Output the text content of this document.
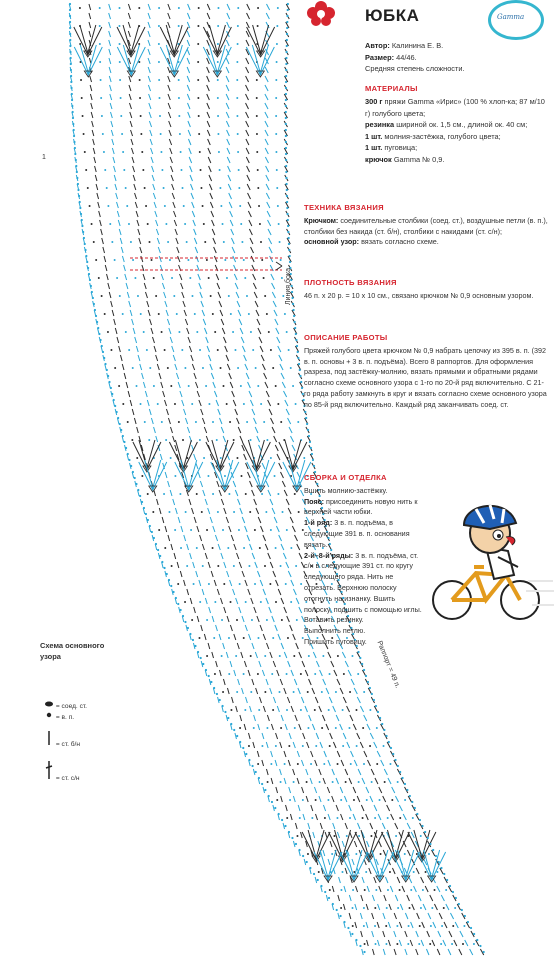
ЮБКА	Gamma
Автор: Калинина Е. В.
Размер: 44/46.
Средняя степень сложности.
МАТЕРИАЛЫ
300 г пряжи Gamma «Ирис» (100 % хлоп-ка; 87 м/10 г) голубого цвета;
резинка шириной ок. 1,5 см., длиной ок. 40 см;
1 шт. молния-застёжка, голубого цвета;
1 шт. пуговица;
крючок Gamma № 0,9.
ТЕХНИКА ВЯЗАНИЯ

Крючком: соединительные столбики (соед. ст.), воздушные петли (в. п.), столбики без накида (ст. б/н), столбики с накидами (ст. с/н);

основной узор: вязать согласно схеме.

ПЛОТНОСТЬ ВЯЗАНИЯ

46 п. x 20 р. = 10 x 10 см., связано крючком № 0,9 основным узором.

ОПИСАНИЕ РАБОТЫ

Пряжей голубого цвета крючком № 0,9 набрать цепочку из 395 в. п. (392 в. п. основы + 3 в. п. подъёма). Всего 8 раппортов. Для оформления разреза, под застёжку-молнию, вязать прямыми и обратными рядами согласно схеме основного узора с 1-го по 20-й ряд включительно. С 21-го ряда работу замкнуть в круг и вязать согласно схеме основного узора по 85-й ряд включительно. Каждый ряд заканчивать соед. ст.

СБОРКА И ОТДЕЛКА

Вшить молнию-застёжку.

Пояс: присоединить новую нить к верхней части юбки.

1-й ряд: 3 в. п. подъёма, в следующие 391 в. п. основания вязать.

2-й–8-й ряды: 3 в. п. подъёма, ст. с/н в следующие 391 ст. по кругу следующего ряда. Нить не отрезать. Верхнюю полоску отогнуть на изнанку. Вшить полоску, подшить с помощью иглы. Вставить резинку.

Выполнить петлю.

Пришить пуговицу.

Схема основного узора
= соед. ст.
= в. п.
= ст. б/н
= ст. с/н
Линия бока
Раппорт = 49 п.
1
